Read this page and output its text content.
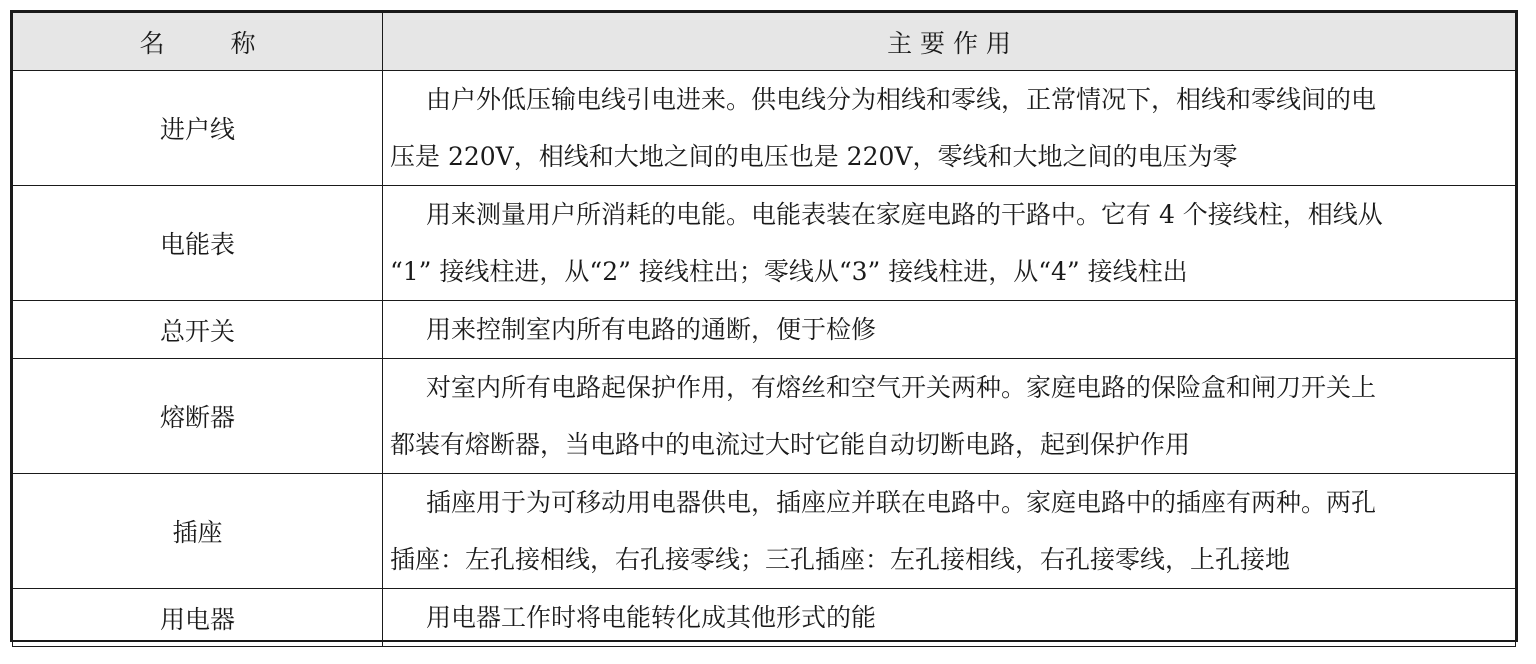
名 称	主 要 作 用
进户线	由户外低压输电线引电进来。供电线分为相线和零线，正常情况下，相线和零线间的电
压是 220V，相线和大地之间的电压也是 220V，零线和大地之间的电压为零

电能表	用来测量用户所消耗的电能。电能表装在家庭电路的干路中。它有 4 个接线柱，相线从
“1” 接线柱进，从“2” 接线柱出；零线从“3” 接线柱进，从“4” 接线柱出

总开关	用来控制室内所有电路的通断，便于检修

熔断器	对室内所有电路起保护作用，有熔丝和空气开关两种。家庭电路的保险盒和闸刀开关上
都装有熔断器，当电路中的电流过大时它能自动切断电路，起到保护作用

插座	插座用于为可移动用电器供电，插座应并联在电路中。家庭电路中的插座有两种。两孔
插座：左孔接相线，右孔接零线；三孔插座：左孔接相线，右孔接零线，上孔接地

用电器	用电器工作时将电能转化成其他形式的能
